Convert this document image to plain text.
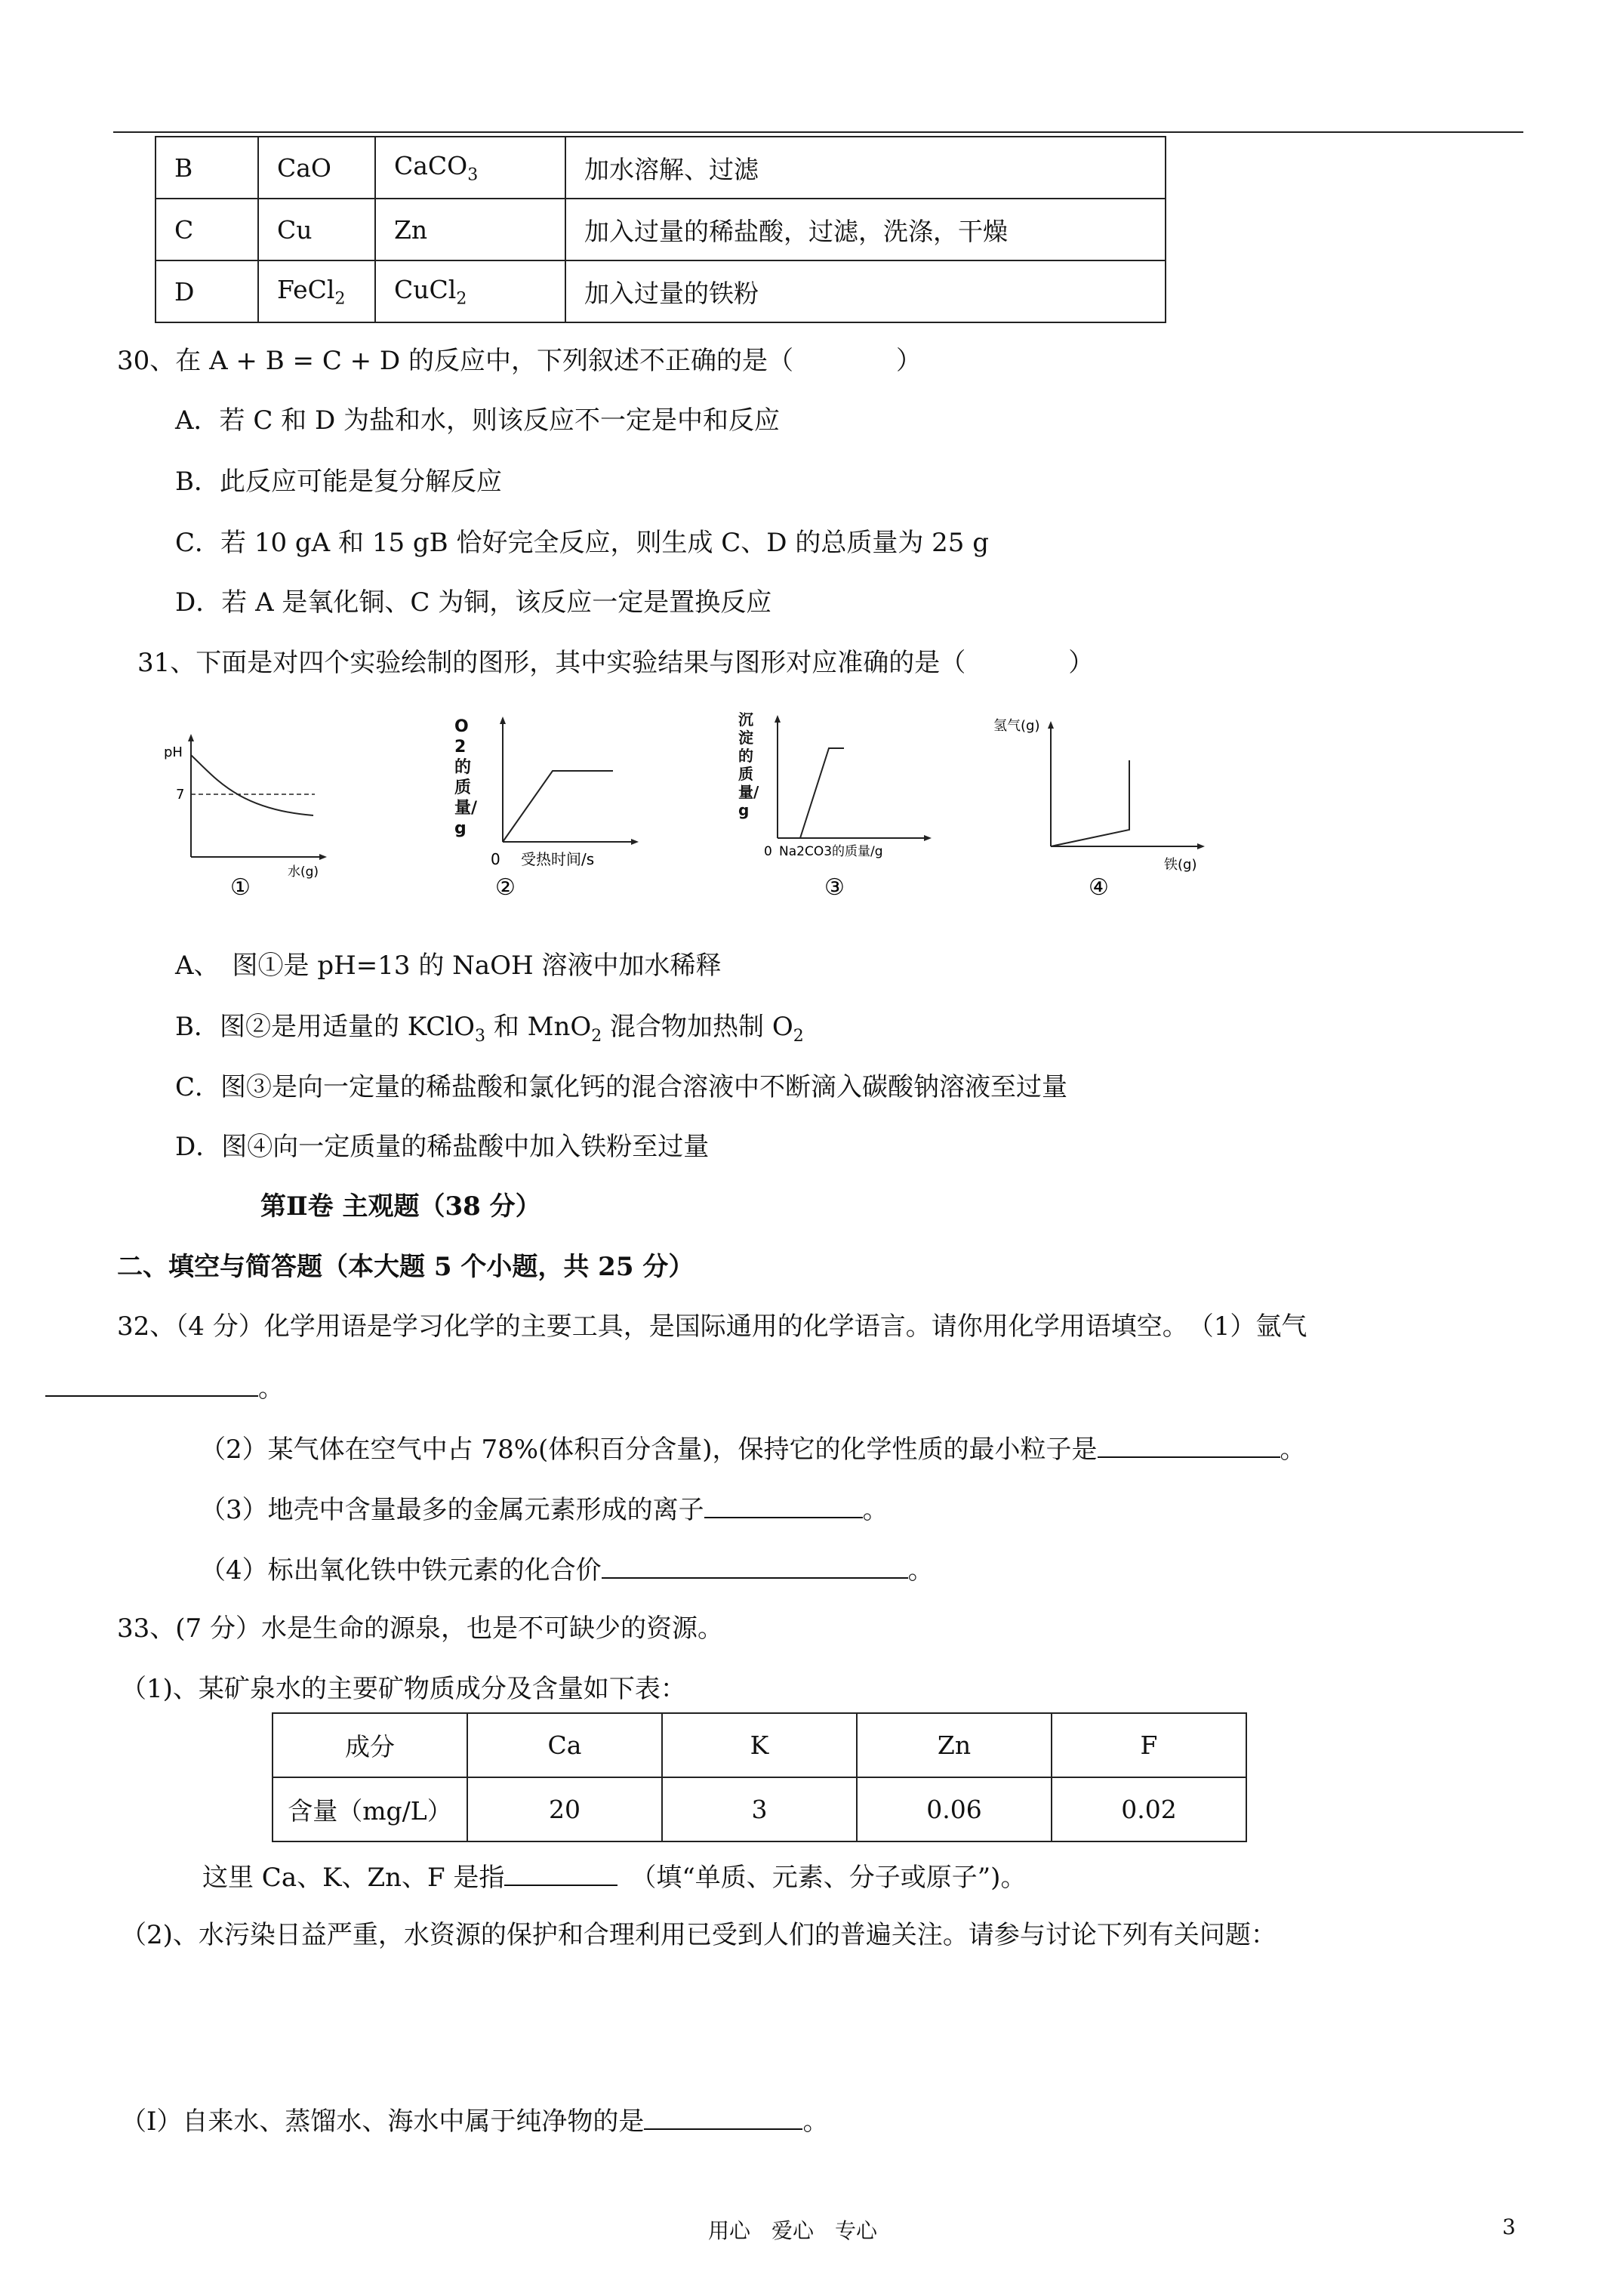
B	CaO	CaCO$_3$	加水溶解、过滤
C	Cu	Zn	加入过量的稀盐酸，过滤，洗涤，干燥
D	FeCl$_2$	CuCl$_2$	加入过量的铁粉
30、在 A + B = C + D 的反应中，下列叙述不正确的是（　　　　）
A．若 C 和 D 为盐和水，则该反应不一定是中和反应
B．此反应可能是复分解反应
C．若 10 gA 和 15 gB 恰好完全反应，则生成 C、D 的总质量为 25 g
D．若 A 是氧化铜、C 为铜，该反应一定是置换反应
31、下面是对四个实验绘制的图形，其中实验结果与图形对应准确的是（　　　　）
pH
7
水(g)
①
O2的质量/g
0 受热时间/s
②
沉淀的质量/g
0 Na2CO3的质量/g
③
氢气(g)
铁(g)
④
A、　图①是 pH=13 的 NaOH 溶液中加水稀释
B．图②是用适量的 KClO$_3$ 和 MnO$_2$ 混合物加热制 $O_2$
C．图③是向一定量的稀盐酸和氯化钙的混合溶液中不断滴入碳酸钠溶液至过量
D．图④向一定质量的稀盐酸中加入铁粉至过量
第Ⅱ卷 主观题（38 分）
二、填空与简答题（本大题 5 个小题，共 25 分）
32、（4 分）化学用语是学习化学的主要工具，是国际通用的化学语言。请你用化学用语填空。　（1）氩气
。
（2）某气体在空气中占 78%(体积百分含量)，保持它的化学性质的最小粒子是	。
（3）地壳中含量最多的金属元素形成的离子	。
（4）标出氧化铁中铁元素的化合价	。
33、(7 分）水是生命的源泉，也是不可缺少的资源。
（1)、某矿泉水的主要矿物质成分及含量如下表：
成分	Ca	K	Zn	F
含量（mg/L）	20	3	0.06	0.02
这里 Ca、K、Zn、F 是指　	（填“单质、元素、分子或原子”)。
（2)、水污染日益严重，水资源的保护和合理利用已受到人们的普遍关注。请参与讨论下列有关问题：
（Ⅰ）自来水、蒸馏水、海水中属于纯净物的是	。
用心　爱心　专心	3
